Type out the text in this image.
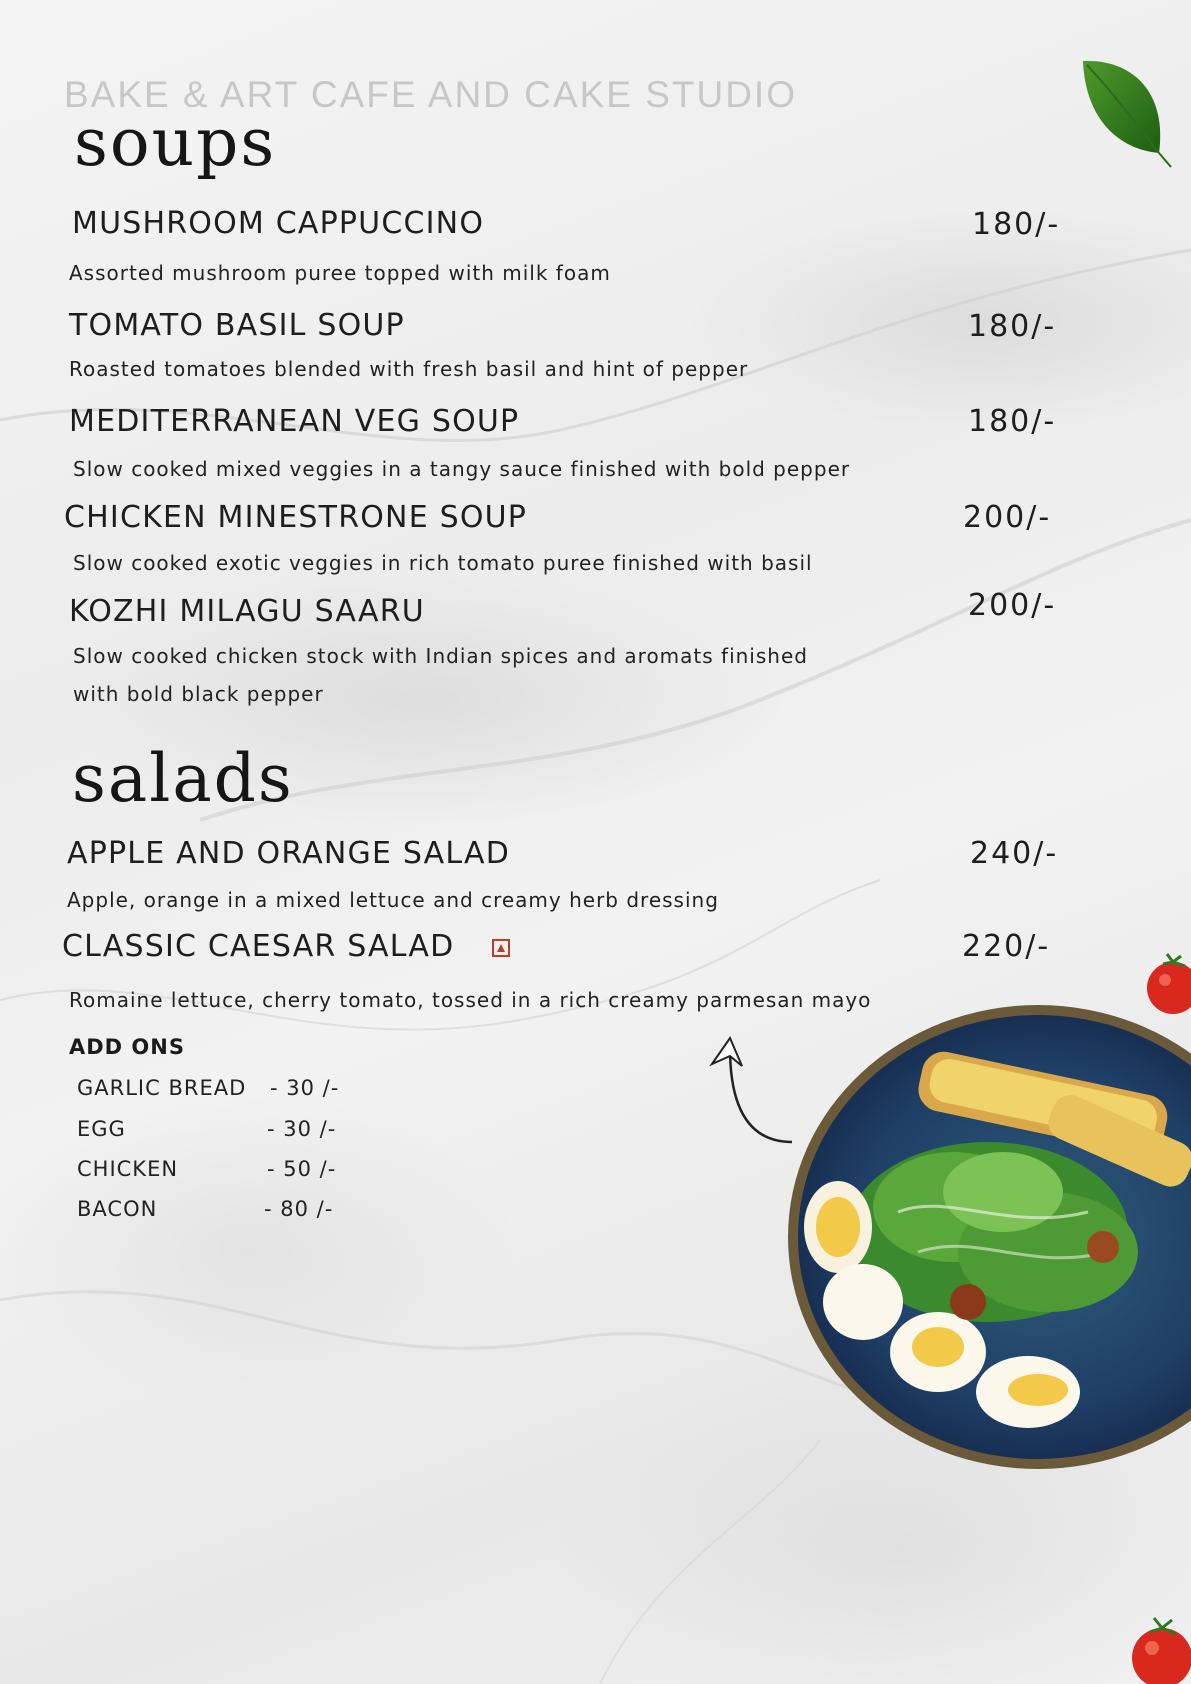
BAKE & ART CAFE AND CAKE STUDIO
soups
MUSHROOM CAPPUCCINO	180/-
Assorted mushroom puree topped with milk foam
TOMATO BASIL SOUP	180/-
Roasted tomatoes blended with fresh basil and hint of pepper
MEDITERRANEAN VEG SOUP	180/-
Slow cooked mixed veggies in a tangy sauce finished with bold pepper
CHICKEN MINESTRONE SOUP	200/-
Slow cooked exotic veggies in rich tomato puree finished with basil
KOZHI MILAGU SAARU	200/-
Slow cooked chicken stock with Indian spices and aromats finished
with bold black pepper
salads
APPLE AND ORANGE SALAD	240/-
Apple, orange in a mixed lettuce and creamy herb dressing
CLASSIC CAESAR SALAD	220/-
Romaine lettuce, cherry tomato, tossed in a rich creamy parmesan mayo
ADD ONS
GARLIC BREAD - 30 /-
EGG	- 30 /-
CHICKEN	- 50 /-
BACON	- 80 /-
